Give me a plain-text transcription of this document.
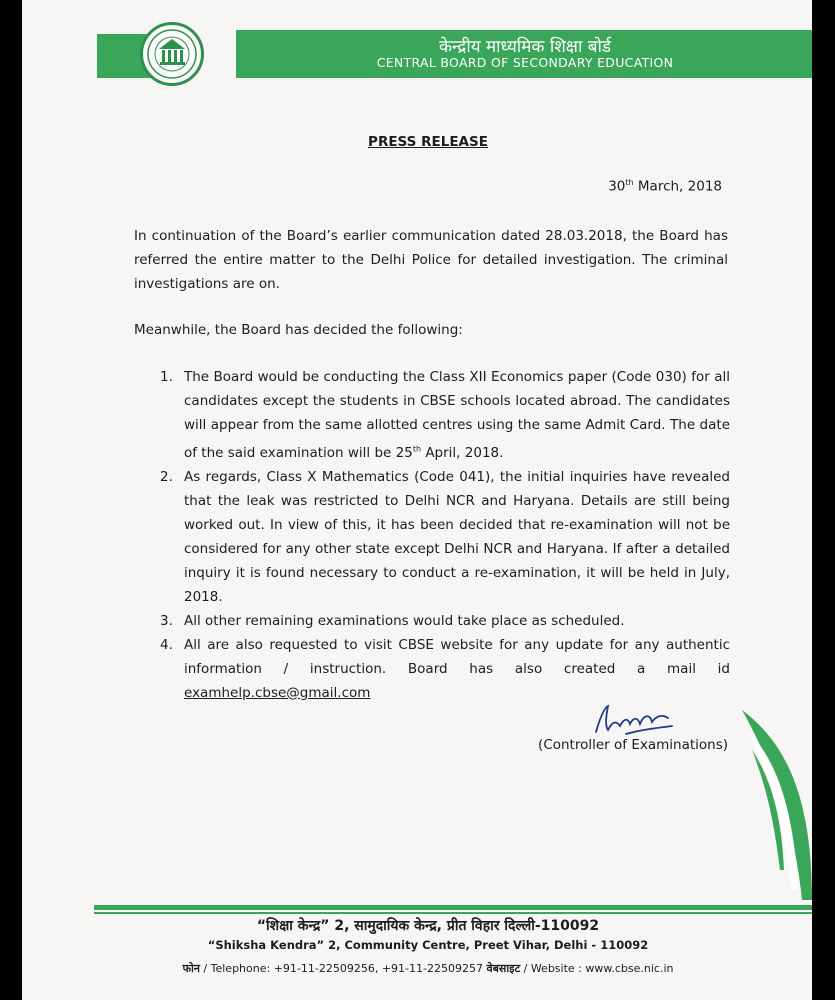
केन्द्रीय माध्यमिक शिक्षा बोर्ड
CENTRAL BOARD OF SECONDARY EDUCATION
PRESS RELEASE
30th March, 2018
In continuation of the Board’s earlier communication dated 28.03.2018, the Board has referred the entire matter to the Delhi Police for detailed investigation. The criminal investigations are on.
Meanwhile, the Board has decided the following:
1. The Board would be conducting the Class XII Economics paper (Code 030) for all candidates except the students in CBSE schools located abroad. The candidates will appear from the same allotted centres using the same Admit Card. The date of the said examination will be 25th April, 2018.
2. As regards, Class X Mathematics (Code 041), the initial inquiries have revealed that the leak was restricted to Delhi NCR and Haryana. Details are still being worked out. In view of this, it has been decided that re-examination will not be considered for any other state except Delhi NCR and Haryana. If after a detailed inquiry it is found necessary to conduct a re-examination, it will be held in July, 2018.
3. All other remaining examinations would take place as scheduled.
4. All are also requested to visit CBSE website for any update for any authentic information / instruction. Board has also created a mail id examhelp.cbse@gmail.com
(Controller of Examinations)
“शिक्षा केन्द्र” 2, सामुदायिक केन्द्र, प्रीत विहार दिल्ली-110092
“Shiksha Kendra” 2, Community Centre, Preet Vihar, Delhi - 110092
फोन / Telephone: +91-11-22509256, +91-11-22509257 वेबसाइट / Website : www.cbse.nic.in
